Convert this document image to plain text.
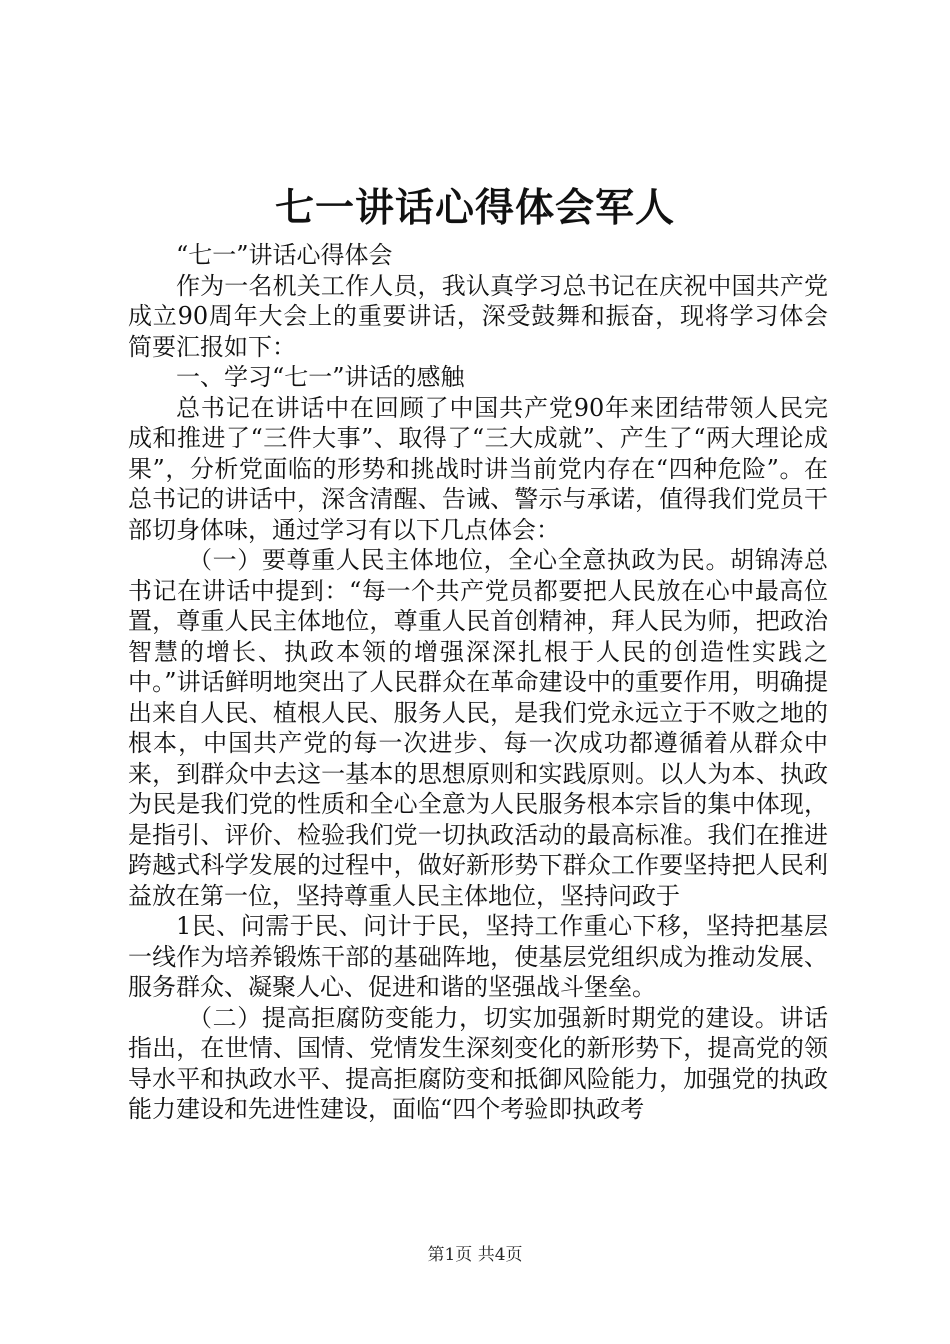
七一讲话心得体会军人

“七一”讲话心得体会

作为一名机关工作人员，我认真学习总书记在庆祝中国共产党成立90周年大会上的重要讲话，深受鼓舞和振奋，现将学习体会简要汇报如下：

一、学习“七一”讲话的感触

总书记在讲话中在回顾了中国共产党90年来团结带领人民完成和推进了“三件大事”、取得了“三大成就”、产生了“两大理论成果”，分析党面临的形势和挑战时讲当前党内存在“四种危险”。在总书记的讲话中，深含清醒、告诫、警示与承诺，值得我们党员干部切身体味，通过学习有以下几点体会：

（一）要尊重人民主体地位，全心全意执政为民。胡锦涛总书记在讲话中提到：“每一个共产党员都要把人民放在心中最高位置，尊重人民主体地位，尊重人民首创精神，拜人民为师，把政治智慧的增长、执政本领的增强深深扎根于人民的创造性实践之中。”讲话鲜明地突出了人民群众在革命建设中的重要作用，明确提出来自人民、植根人民、服务人民，是我们党永远立于不败之地的根本，中国共产党的每一次进步、每一次成功都遵循着从群众中来，到群众中去这一基本的思想原则和实践原则。以人为本、执政为民是我们党的性质和全心全意为人民服务根本宗旨的集中体现，是指引、评价、检验我们党一切执政活动的最高标准。我们在推进跨越式科学发展的过程中，做好新形势下群众工作要坚持把人民利益放在第一位，坚持尊重人民主体地位，坚持问政于

1民、问需于民、问计于民，坚持工作重心下移，坚持把基层一线作为培养锻炼干部的基础阵地，使基层党组织成为推动发展、服务群众、凝聚人心、促进和谐的坚强战斗堡垒。

（二）提高拒腐防变能力，切实加强新时期党的建设。讲话指出，在世情、国情、党情发生深刻变化的新形势下，提高党的领导水平和执政水平、提高拒腐防变和抵御风险能力，加强党的执政能力建设和先进性建设，面临“四个考验即执政考

第1页 共4页
